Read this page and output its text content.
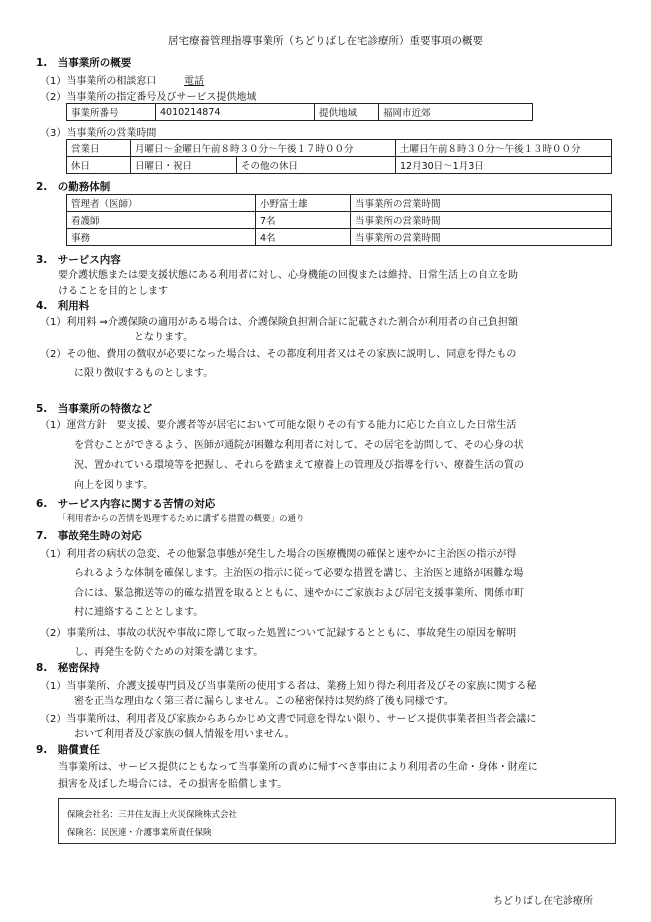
居宅療養管理指導事業所（ちどりばし在宅診療所）重要事項の概要
1.　当事業所の概要
（1）当事業所の相談窓口	電話
（2）当事業所の指定番号及びサービス提供地域
事業所番号	4010214874	提供地域	福岡市近郊
（3）当事業所の営業時間
営業日	月曜日～金曜日午前８時３０分～午後１７時００分		土曜日午前８時３０分～午後１３時００分
休日	日曜日・祝日	その他の休日	12月30日～1月3日
2.　の勤務体制
管理者（医師）	小野富士雄	当事業所の営業時間
看護師	7名	当事業所の営業時間
事務	4名	当事業所の営業時間
3.　サービス内容
要介護状態または要支援状態にある利用者に対し、心身機能の回復または維持、日常生活上の自立を助
けることを目的とします
4.　利用料
（1）利用料 ⇒介護保険の適用がある場合は、介護保険負担割合証に記載された割合が利用者の自己負担額
となります。
（2）その他、費用の徴収が必要になった場合は、その都度利用者又はその家族に説明し、同意を得たもの
に限り徴収するものとします。
5.　当事業所の特徴など
（1）運営方針　要支援、要介護者等が居宅において可能な限りその有する能力に応じた自立した日常生活
を営むことができるよう、医師が通院が困難な利用者に対して、その居宅を訪問して、その心身の状
況、置かれている環境等を把握し、それらを踏まえて療養上の管理及び指導を行い、療養生活の質の
向上を図ります。
6.　サービス内容に関する苦情の対応
「利用者からの苦情を処理するために講ずる措置の概要」の通り
7.　事故発生時の対応
（1）利用者の病状の急変、その他緊急事態が発生した場合の医療機関の確保と速やかに主治医の指示が得
られるような体制を確保します。主治医の指示に従って必要な措置を講じ、主治医と連絡が困難な場
合には、緊急搬送等の的確な措置を取るとともに、速やかにご家族および居宅支援事業所、関係市町
村に連絡することとします。
（2）事業所は、事故の状況や事故に際して取った処置について記録するとともに、事故発生の原因を解明
し、再発生を防ぐための対策を講じます。
8.　秘密保持
（1）当事業所、介護支援専門員及び当事業所の使用する者は、業務上知り得た利用者及びその家族に関する秘
密を正当な理由なく第三者に漏らしません。この秘密保持は契約終了後も同様です。
（2）当事業所は、利用者及び家族からあらかじめ文書で同意を得ない限り、サービス提供事業者担当者会議に
おいて利用者及び家族の個人情報を用いません。
9.　賠償責任
当事業所は、サービス提供にともなって当事業所の責めに帰すべき事由により利用者の生命・身体・財産に
損害を及ぼした場合には、その損害を賠償します。
保険会社名：三井住友海上火災保険株式会社
保険名：民医連・介護事業所責任保険
ちどりばし在宅診療所
